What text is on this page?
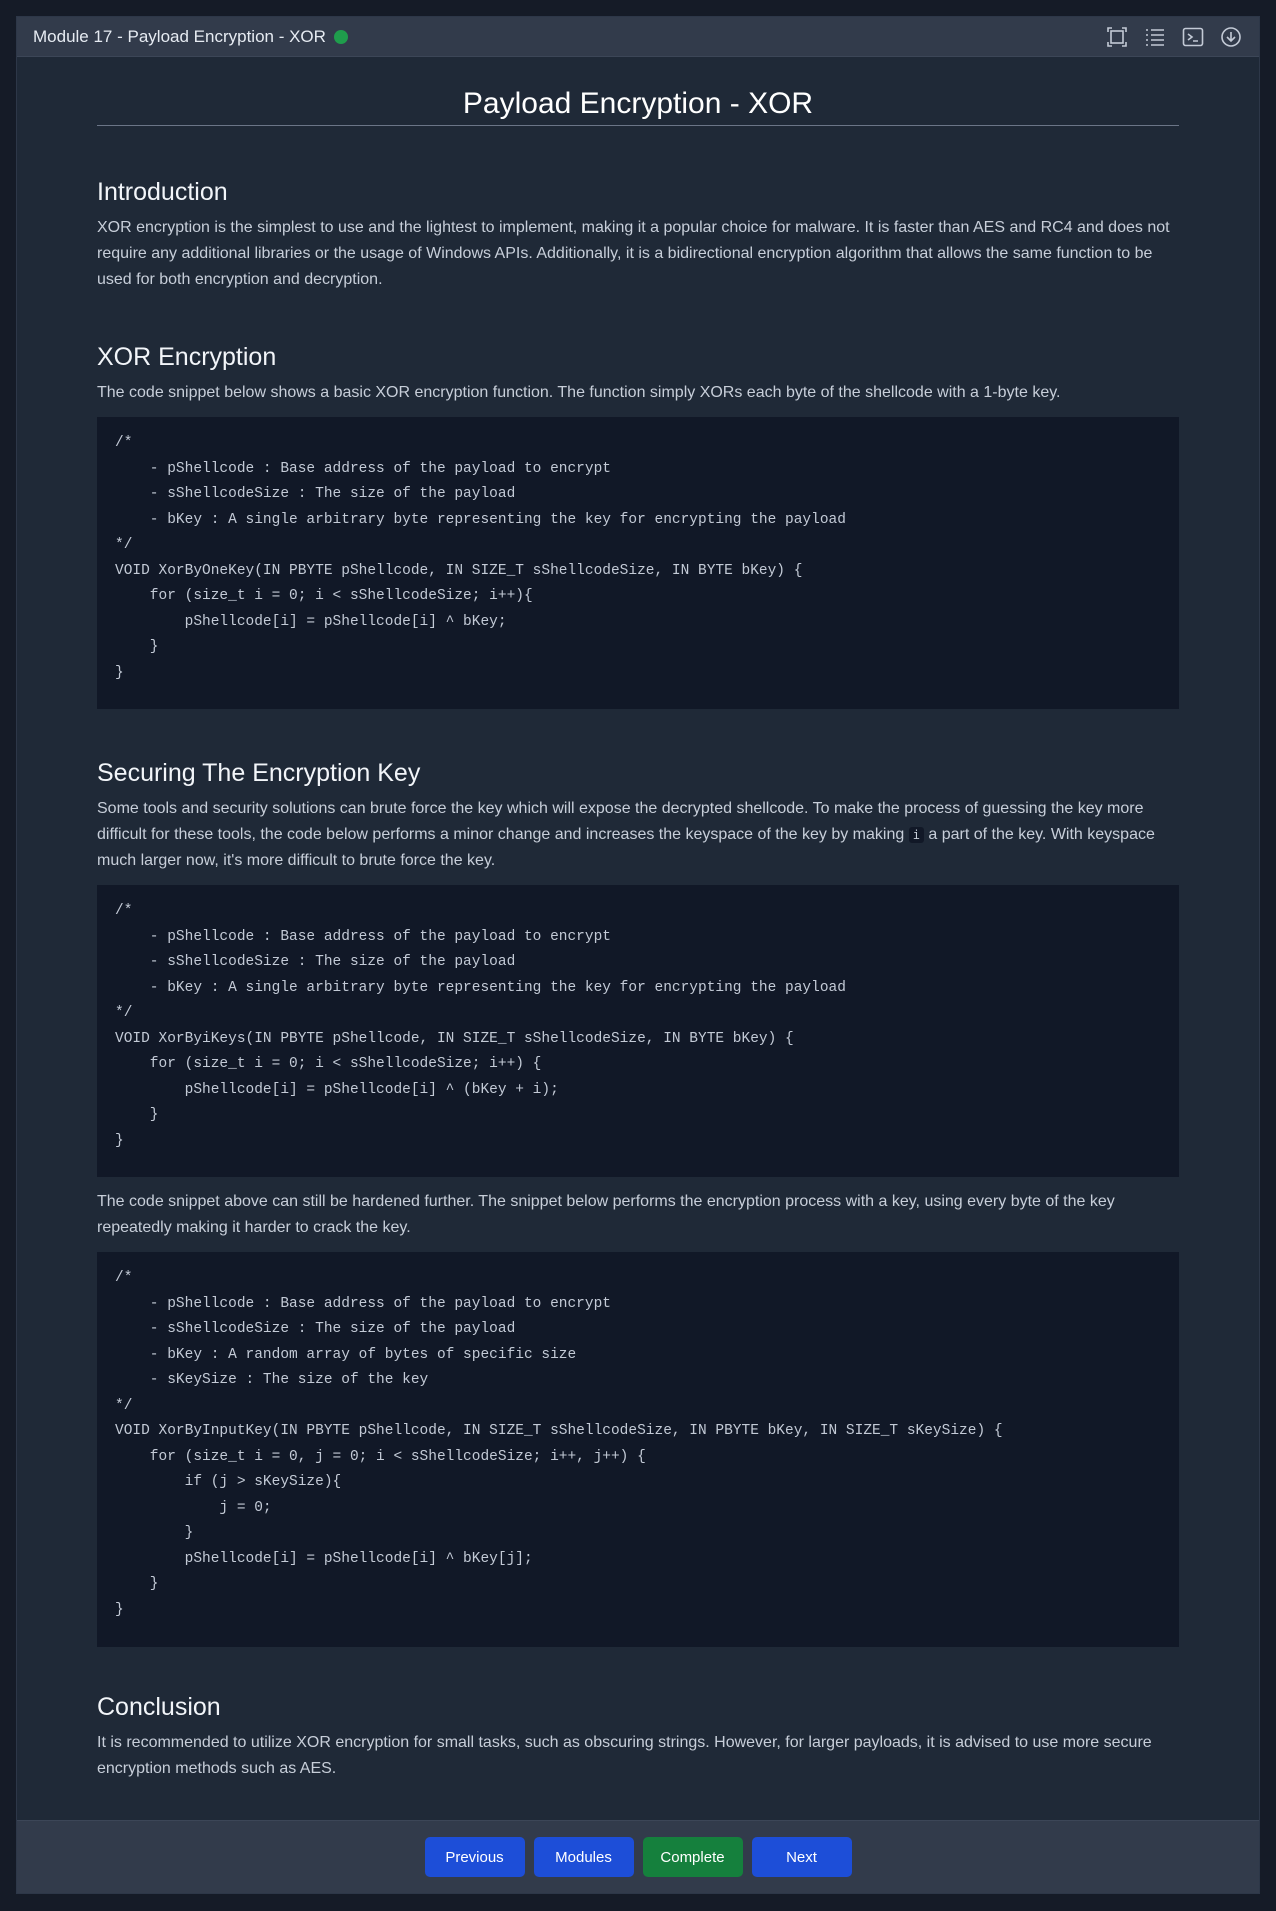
Module 17 - Payload Encryption - XOR
Payload Encryption - XOR
Introduction

XOR encryption is the simplest to use and the lightest to implement, making it a popular choice for malware. It is faster than AES and RC4 and does not require any additional libraries or the usage of Windows APIs. Additionally, it is a bidirectional encryption algorithm that allows the same function to be used for both encryption and decryption.

XOR Encryption

The code snippet below shows a basic XOR encryption function. The function simply XORs each byte of the shellcode with a 1-byte key.

/*
- pShellcode : Base address of the payload to encrypt
- sShellcodeSize : The size of the payload
- bKey : A single arbitrary byte representing the key for encrypting the payload
*/
VOID XorByOneKey(IN PBYTE pShellcode, IN SIZE_T sShellcodeSize, IN BYTE bKey) {
for (size_t i = 0; i < sShellcodeSize; i++){
pShellcode[i] = pShellcode[i] ^ bKey;
}
}
Securing The Encryption Key

Some tools and security solutions can brute force the key which will expose the decrypted shellcode. To make the process of guessing the key more difficult for these tools, the code below performs a minor change and increases the keyspace of the key by making i a part of the key. With keyspace much larger now, it's more difficult to brute force the key.

/*
- pShellcode : Base address of the payload to encrypt
- sShellcodeSize : The size of the payload
- bKey : A single arbitrary byte representing the key for encrypting the payload
*/
VOID XorByiKeys(IN PBYTE pShellcode, IN SIZE_T sShellcodeSize, IN BYTE bKey) {
for (size_t i = 0; i < sShellcodeSize; i++) {
pShellcode[i] = pShellcode[i] ^ (bKey + i);
}
}

The code snippet above can still be hardened further. The snippet below performs the encryption process with a key, using every byte of the key repeatedly making it harder to crack the key.

/*
- pShellcode : Base address of the payload to encrypt
- sShellcodeSize : The size of the payload
- bKey : A random array of bytes of specific size
- sKeySize : The size of the key
*/
VOID XorByInputKey(IN PBYTE pShellcode, IN SIZE_T sShellcodeSize, IN PBYTE bKey, IN SIZE_T sKeySize) {
for (size_t i = 0, j = 0; i < sShellcodeSize; i++, j++) {
if (j > sKeySize){
j = 0;
}
pShellcode[i] = pShellcode[i] ^ bKey[j];
}
}
Conclusion

It is recommended to utilize XOR encryption for small tasks, such as obscuring strings. However, for larger payloads, it is advised to use more secure encryption methods such as AES.

Previous	Modules	Complete	Next
